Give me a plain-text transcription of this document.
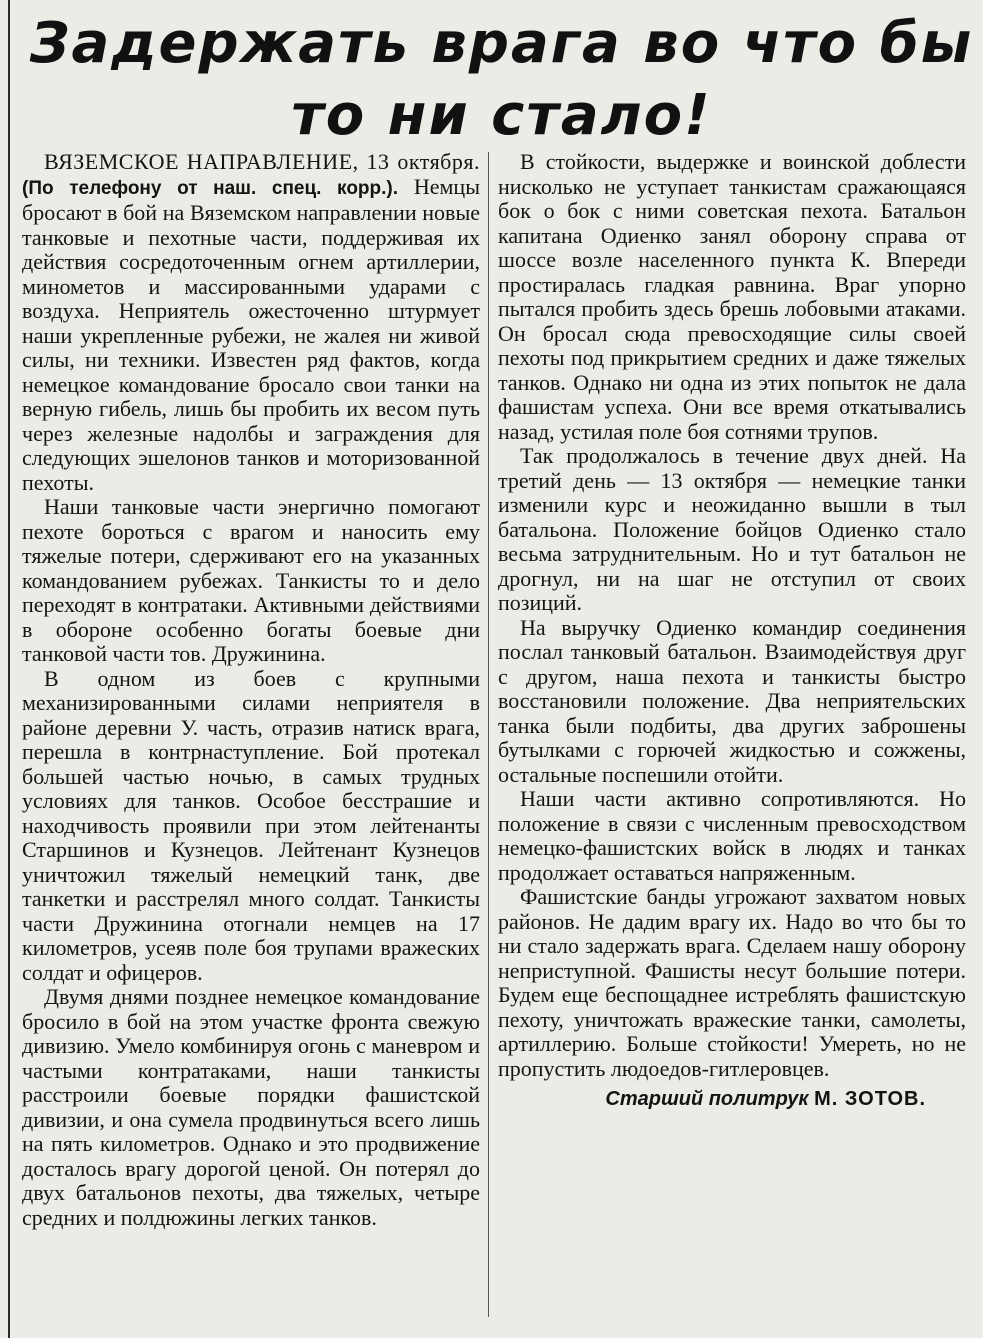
Задержать врага во что бы
то ни стало!

ВЯЗЕМСКОЕ НАПРАВЛЕНИЕ, 13 октября. (По телефону от наш. спец. корр.). Немцы бросают в бой на Вяземском направлении новые танковые и пехотные части, поддерживая их действия сосредоточенным огнем артиллерии, минометов и массированными ударами с воздуха. Неприятель ожесточенно штурмует наши укрепленные рубежи, не жалея ни живой силы, ни техники. Известен ряд фактов, когда немецкое командование бросало свои танки на верную гибель, лишь бы пробить их весом путь через железные надолбы и заграждения для следующих эшелонов танков и моторизованной пехоты.

Наши танковые части энергично помогают пехоте бороться с врагом и наносить ему тяжелые потери, сдерживают его на указанных командованием рубежах. Танкисты то и дело переходят в контратаки. Активными действиями в обороне особенно богаты боевые дни танковой части тов. Дружинина.

В одном из боев с крупными механизированными силами неприятеля в районе деревни У. часть, отразив натиск врага, перешла в контрнаступление. Бой протекал большей частью ночью, в самых трудных условиях для танков. Особое бесстрашие и находчивость проявили при этом лейтенанты Старшинов и Кузнецов. Лейтенант Кузнецов уничтожил тяжелый немецкий танк, две танкетки и расстрелял много солдат. Танкисты части Дружинина отогнали немцев на 17 километров, усеяв поле боя трупами вражеских солдат и офицеров.

Двумя днями позднее немецкое командование бросило в бой на этом участке фронта свежую дивизию. Умело комбинируя огонь с маневром и частыми контратаками, наши танкисты расстроили боевые порядки фашистской дивизии, и она сумела продвинуться всего лишь на пять километров. Однако и это продвижение досталось врагу дорогой ценой. Он потерял до двух батальонов пехоты, два тяжелых, четыре средних и полдюжины легких танков.

В стойкости, выдержке и воинской доблести нисколько не уступает танкистам сражающаяся бок о бок с ними советская пехота. Батальон капитана Одиенко занял оборону справа от шоссе возле населенного пункта К. Впереди простиралась гладкая равнина. Враг упорно пытался пробить здесь брешь лобовыми атаками. Он бросал сюда превосходящие силы своей пехоты под прикрытием средних и даже тяжелых танков. Однако ни одна из этих попыток не дала фашистам успеха. Они все время откатывались назад, устилая поле боя сотнями трупов.

Так продолжалось в течение двух дней. На третий день — 13 октября — немецкие танки изменили курс и неожиданно вышли в тыл батальона. Положение бойцов Одиенко стало весьма затруднительным. Но и тут батальон не дрогнул, ни на шаг не отступил от своих позиций.

На выручку Одиенко командир соединения послал танковый батальон. Взаимодействуя друг с другом, наша пехота и танкисты быстро восстановили положение. Два неприятельских танка были подбиты, два других заброшены бутылками с горючей жидкостью и сожжены, остальные поспешили отойти.

Наши части активно сопротивляются. Но положение в связи с численным превосходством немецко-фашистских войск в людях и танках продолжает оставаться напряженным.

Фашистские банды угрожают захватом новых районов. Не дадим врагу их. Надо во что бы то ни стало задержать врага. Сделаем нашу оборону неприступной. Фашисты несут большие потери. Будем еще беспощаднее истреблять фашистскую пехоту, уничтожать вражеские танки, самолеты, артиллерию. Больше стойкости! Умереть, но не пропустить людоедов-гитлеровцев.

Старший политрук М. ЗОТОВ.
